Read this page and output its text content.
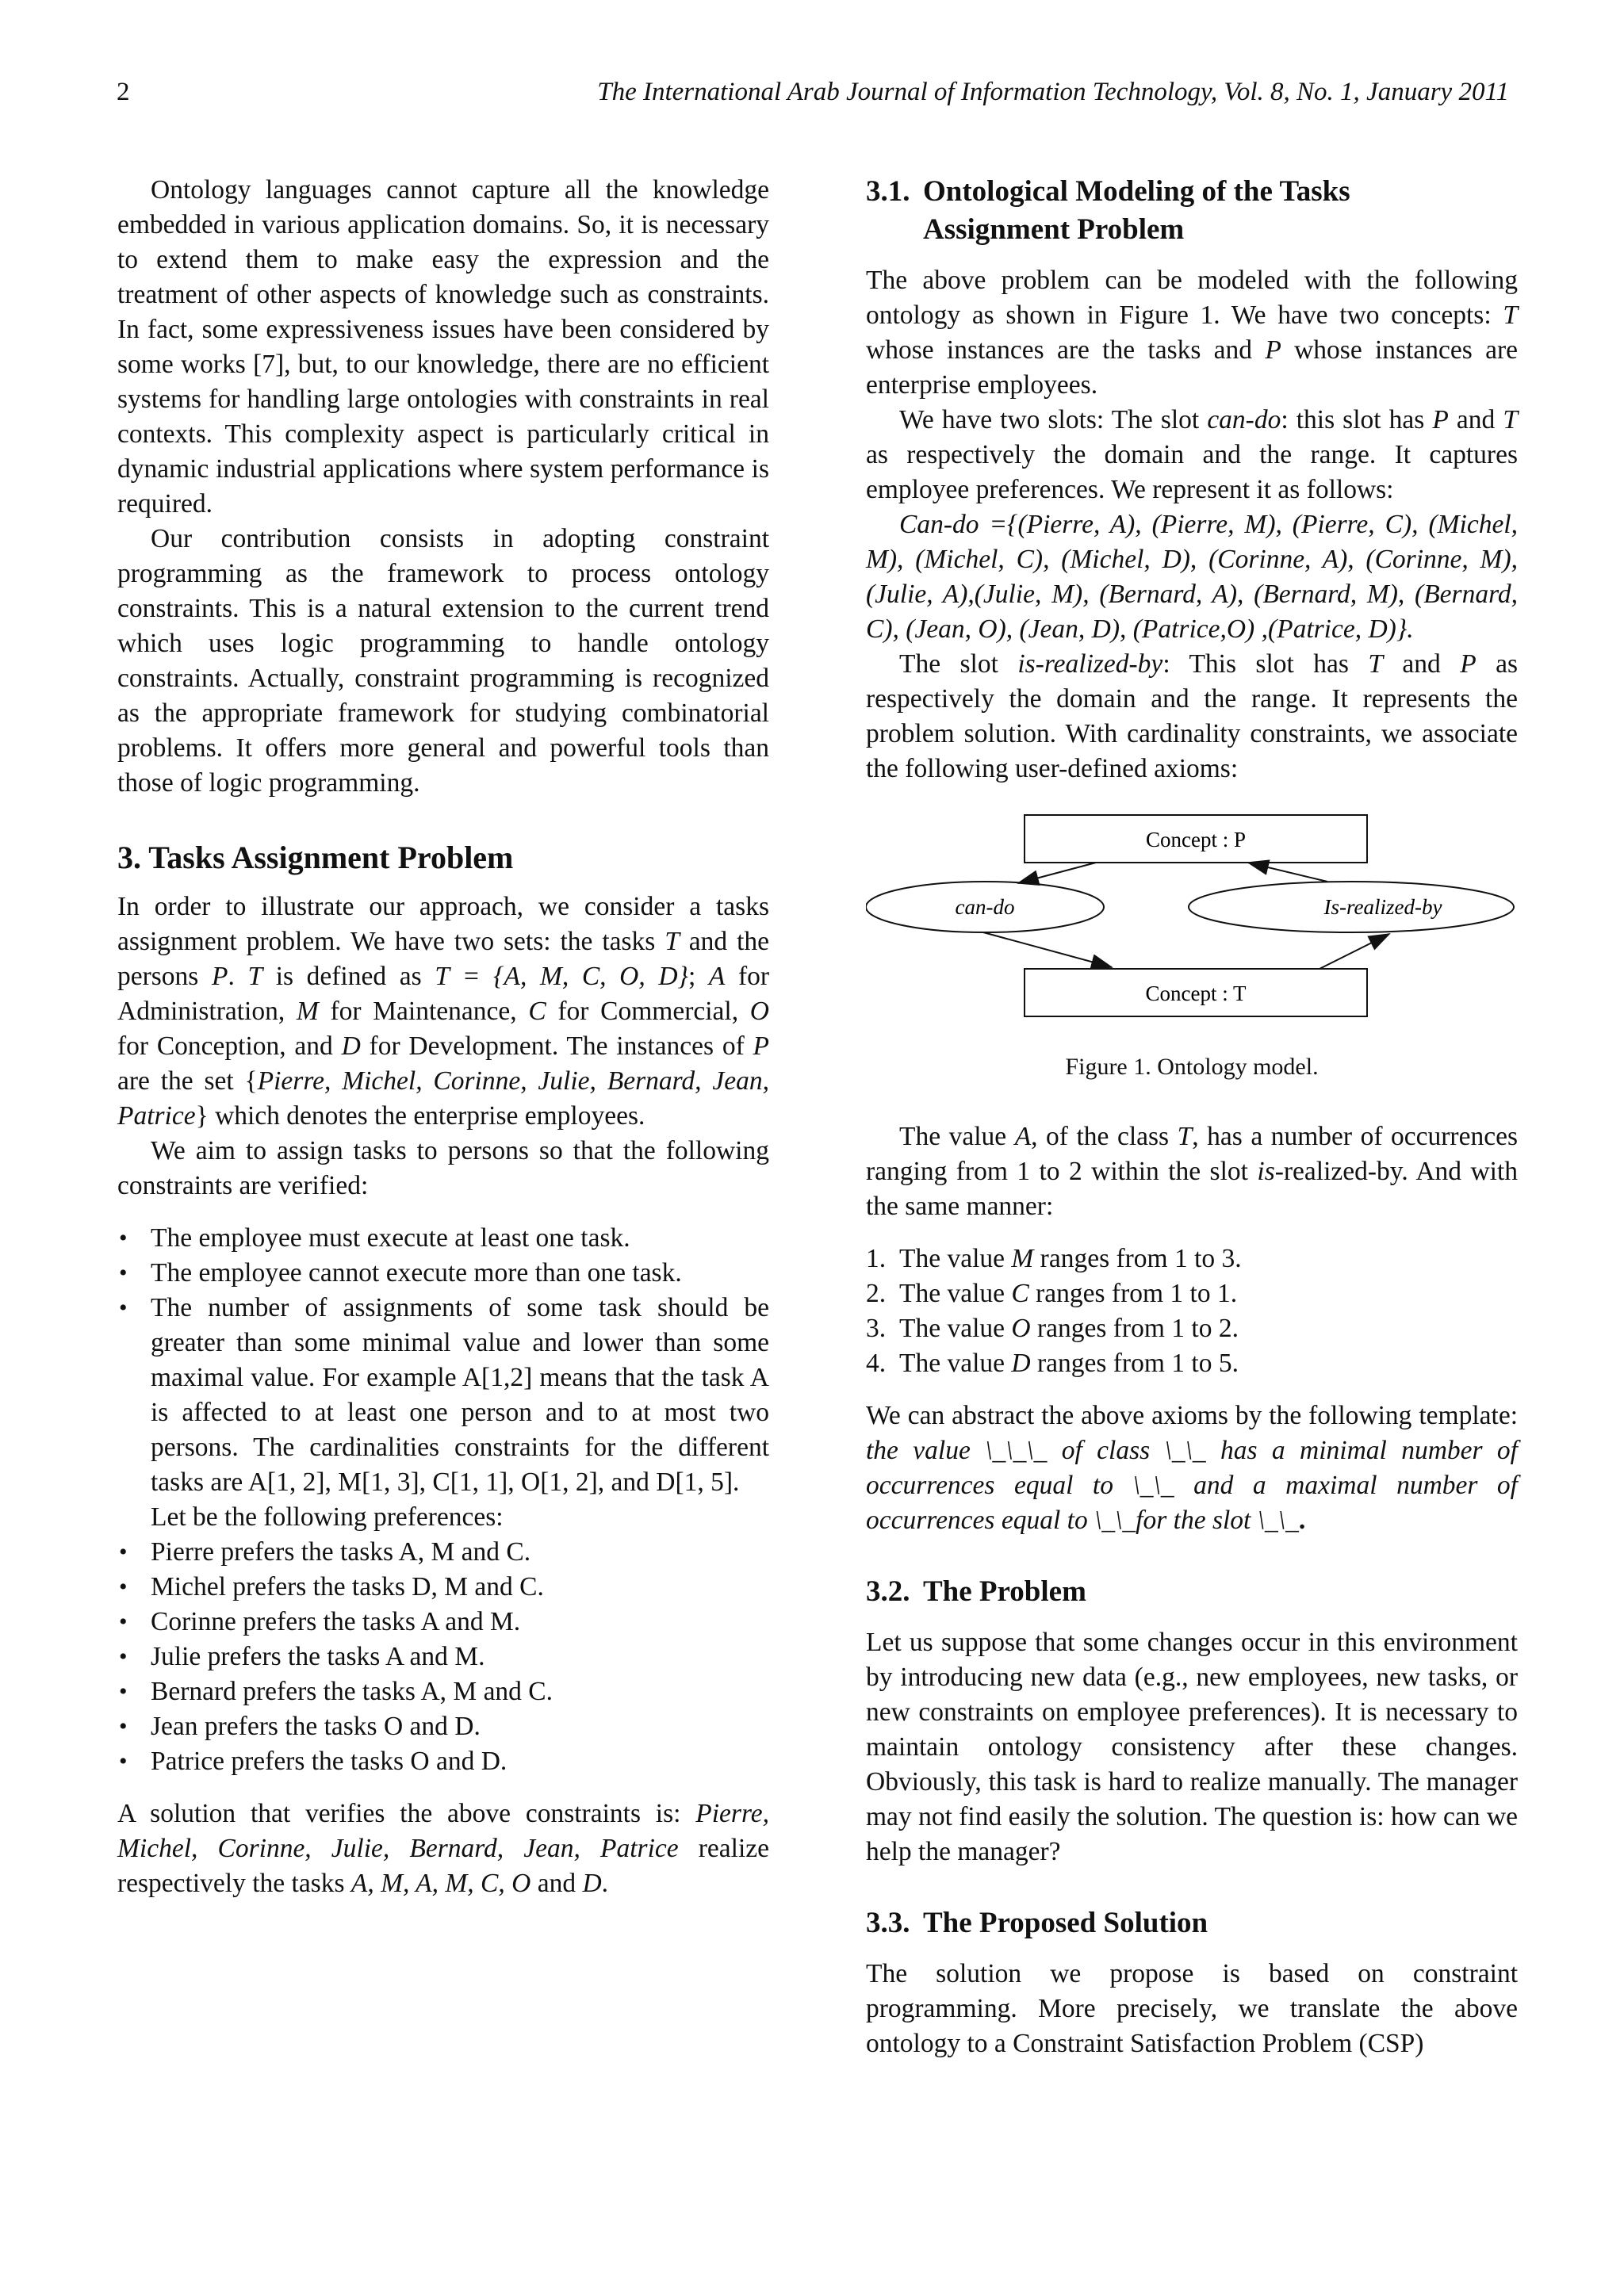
2	The International Arab Journal of Information Technology, Vol. 8, No. 1, January 2011

Ontology languages cannot capture all the knowledge embedded in various application domains. So, it is necessary to extend them to make easy the expression and the treatment of other aspects of knowledge such as constraints. In fact, some expressiveness issues have been considered by some works [7], but, to our knowledge, there are no efficient systems for handling large ontologies with constraints in real contexts. This complexity aspect is particularly critical in dynamic industrial applications where system performance is required.

Our contribution consists in adopting constraint programming as the framework to process ontology constraints. This is a natural extension to the current trend which uses logic programming to handle ontology constraints. Actually, constraint programming is recognized as the appropriate framework for studying combinatorial problems. It offers more general and powerful tools than those of logic programming.

3. Tasks Assignment Problem

In order to illustrate our approach, we consider a tasks assignment problem. We have two sets: the tasks T and the persons P. T is defined as T = {A, M, C, O, D}; A for Administration, M for Maintenance, C for Commercial, O for Conception, and D for Development. The instances of P are the set {Pierre, Michel, Corinne, Julie, Bernard, Jean, Patrice} which denotes the enterprise employees.

We aim to assign tasks to persons so that the following constraints are verified:

• The employee must execute at least one task.
• The employee cannot execute more than one task.
• The number of assignments of some task should be greater than some minimal value and lower than some maximal value. For example A[1,2] means that the task A is affected to at least one person and to at most two persons. The cardinalities constraints for the different tasks are A[1, 2], M[1, 3], C[1, 1], O[1, 2], and D[1, 5].
Let be the following preferences:
• Pierre prefers the tasks A, M and C.
• Michel prefers the tasks D, M and C.
• Corinne prefers the tasks A and M.
• Julie prefers the tasks A and M.
• Bernard prefers the tasks A, M and C.
• Jean prefers the tasks O and D.
• Patrice prefers the tasks O and D.

A solution that verifies the above constraints is: Pierre, Michel, Corinne, Julie, Bernard, Jean, Patrice realize respectively the tasks A, M, A, M, C, O and D.

3.1. Ontological Modeling of the Tasks
Assignment Problem

The above problem can be modeled with the following ontology as shown in Figure 1. We have two concepts: T whose instances are the tasks and P whose instances are enterprise employees.

We have two slots: The slot can-do: this slot has P and T as respectively the domain and the range. It captures employee preferences. We represent it as follows:

Can-do ={(Pierre, A), (Pierre, M), (Pierre, C), (Michel, M), (Michel, C), (Michel, D), (Corinne, A), (Corinne, M), (Julie, A),(Julie, M), (Bernard, A), (Bernard, M), (Bernard, C), (Jean, O), (Jean, D), (Patrice,O) ,(Patrice, D)}.

The slot is-realized-by: This slot has T and P as respectively the domain and the range. It represents the problem solution. With cardinality constraints, we associate the following user-defined axioms:

Concept : P
can-do	Is-realized-by
Concept : T
Figure 1. Ontology model.

The value A, of the class T, has a number of occurrences ranging from 1 to 2 within the slot is-realized-by. And with the same manner:

1. The value M ranges from 1 to 3.
2. The value C ranges from 1 to 1.
3. The value O ranges from 1 to 2.
4. The value D ranges from 1 to 5.

We can abstract the above axioms by the following template: the value \_\_\_ of class \_\_ has a minimal number of occurrences equal to \_\_ and a maximal number of occurrences equal to \_\_for the slot \_\_.

3.2. The Problem

Let us suppose that some changes occur in this environment by introducing new data (e.g., new employees, new tasks, or new constraints on employee preferences). It is necessary to maintain ontology consistency after these changes. Obviously, this task is hard to realize manually. The manager may not find easily the solution. The question is: how can we help the manager?

3.3. The Proposed Solution

The solution we propose is based on constraint programming. More precisely, we translate the above ontology to a Constraint Satisfaction Problem (CSP)
